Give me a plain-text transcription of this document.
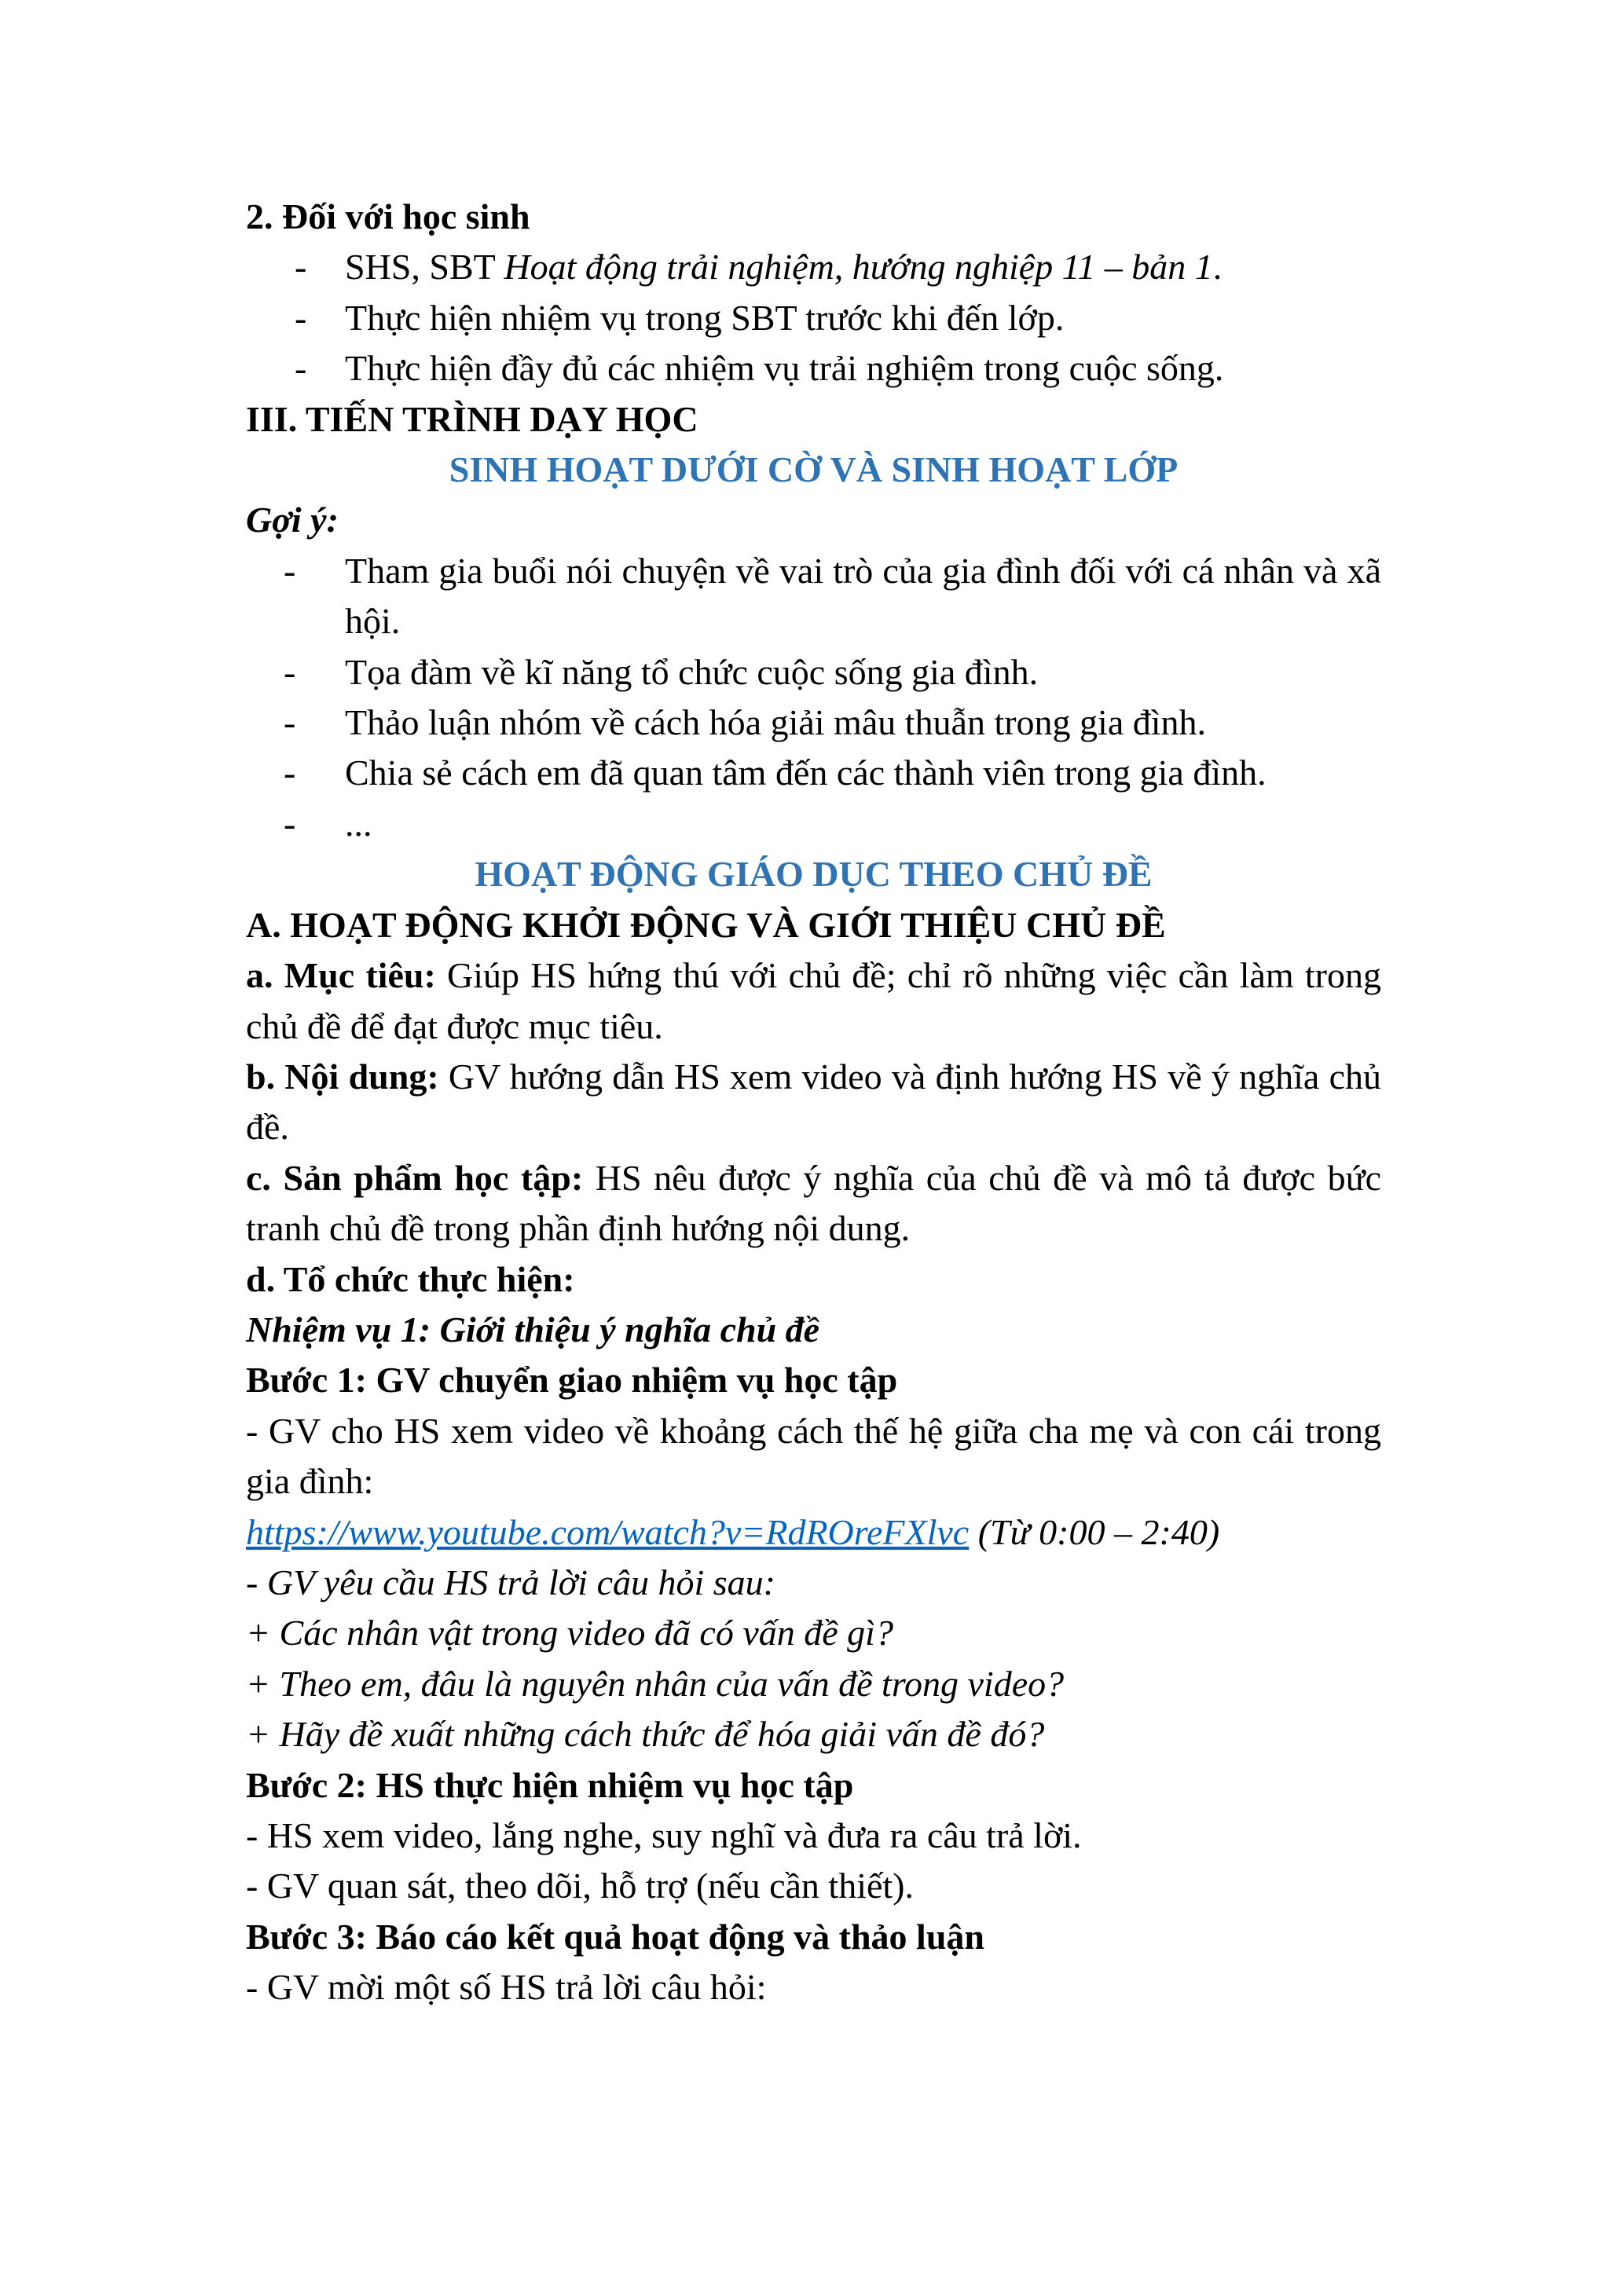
2. Đối với học sinh

-	SHS, SBT Hoạt động trải nghiệm, hướng nghiệp 11 – bản 1.

-	Thực hiện nhiệm vụ trong SBT trước khi đến lớp.

-	Thực hiện đầy đủ các nhiệm vụ trải nghiệm trong cuộc sống.

III. TIẾN TRÌNH DẠY HỌC

SINH HOẠT DƯỚI CỜ VÀ SINH HOẠT LỚP

Gợi ý:

-	Tham gia buổi nói chuyện về vai trò của gia đình đối với cá nhân và xã hội.

-	Tọa đàm về kĩ năng tổ chức cuộc sống gia đình.

-	Thảo luận nhóm về cách hóa giải mâu thuẫn trong gia đình.

-	Chia sẻ cách em đã quan tâm đến các thành viên trong gia đình.

-	...

HOẠT ĐỘNG GIÁO DỤC THEO CHỦ ĐỀ

A. HOẠT ĐỘNG KHỞI ĐỘNG VÀ GIỚI THIỆU CHỦ ĐỀ

a. Mục tiêu: Giúp HS hứng thú với chủ đề; chỉ rõ những việc cần làm trong chủ đề để đạt được mục tiêu.

b. Nội dung: GV hướng dẫn HS xem video và định hướng HS về ý nghĩa chủ đề.

c. Sản phẩm học tập: HS nêu được ý nghĩa của chủ đề và mô tả được bức tranh chủ đề trong phần định hướng nội dung.

d. Tổ chức thực hiện:

Nhiệm vụ 1: Giới thiệu ý nghĩa chủ đề

Bước 1: GV chuyển giao nhiệm vụ học tập

- GV cho HS xem video về khoảng cách thế hệ giữa cha mẹ và con cái trong gia đình:

https://www.youtube.com/watch?v=RdROreFXlvc (Từ 0:00 – 2:40)

- GV yêu cầu HS trả lời câu hỏi sau:

+ Các nhân vật trong video đã có vấn đề gì?

+ Theo em, đâu là nguyên nhân của vấn đề trong video?

+ Hãy đề xuất những cách thức để hóa giải vấn đề đó?

Bước 2: HS thực hiện nhiệm vụ học tập

- HS xem video, lắng nghe, suy nghĩ và đưa ra câu trả lời.

- GV quan sát, theo dõi, hỗ trợ (nếu cần thiết).

Bước 3: Báo cáo kết quả hoạt động và thảo luận

- GV mời một số HS trả lời câu hỏi:
